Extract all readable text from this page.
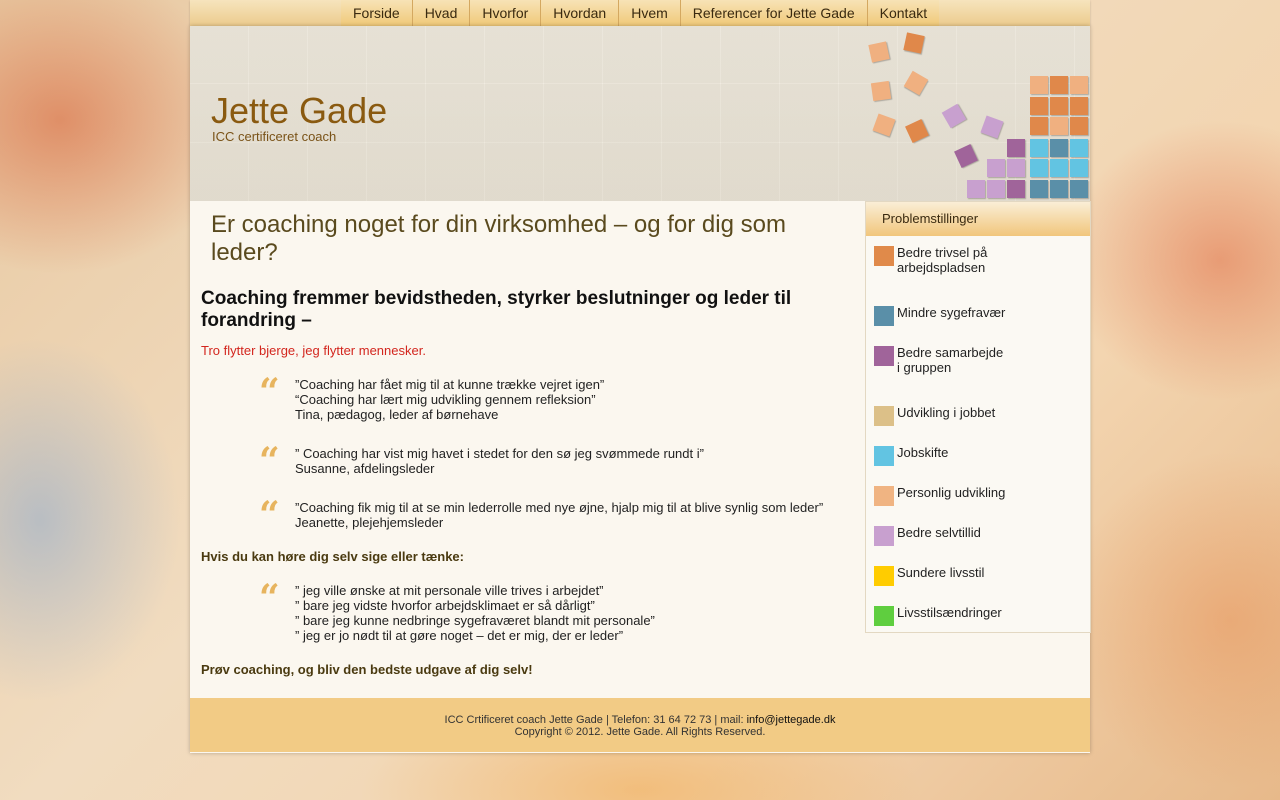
Forside	Hvad	Hvorfor	Hvordan	Hvem	Referencer for Jette Gade	Kontakt
Jette Gade
ICC certificeret coach
Er coaching noget for din virksomhed – og for dig som leder?
Coaching fremmer bevidstheden, styrker beslutninger og leder til forandring –
Tro flytter bjerge, jeg flytter mennesker.
“ ”Coaching har fået mig til at kunne trække vejret igen”
“Coaching har lært mig udvikling gennem refleksion”
Tina, pædagog, leder af børnehave
“ ” Coaching har vist mig havet i stedet for den sø jeg svømmede rundt i”
Susanne, afdelingsleder
“ ”Coaching fik mig til at se min lederrolle med nye øjne, hjalp mig til at blive synlig som leder”
Jeanette, plejehjemsleder
Hvis du kan høre dig selv sige eller tænke:
“ ” jeg ville ønske at mit personale ville trives i arbejdet”
” bare jeg vidste hvorfor arbejdsklimaet er så dårligt”
” bare jeg kunne nedbringe sygefraværet blandt mit personale”
” jeg er jo nødt til at gøre noget – det er mig, der er leder”
Prøv coaching, og bliv den bedste udgave af dig selv!
Problemstillinger
Bedre trivsel på
arbejdspladsen
Mindre sygefravær
Bedre samarbejde
i gruppen
Udvikling i jobbet
Jobskifte
Personlig udvikling
Bedre selvtillid
Sundere livsstil
Livsstilsændringer
ICC Crtificeret coach Jette Gade | Telefon: 31 64 72 73 | mail: info@jettegade.dk
Copyright © 2012. Jette Gade. All Rights Reserved.
